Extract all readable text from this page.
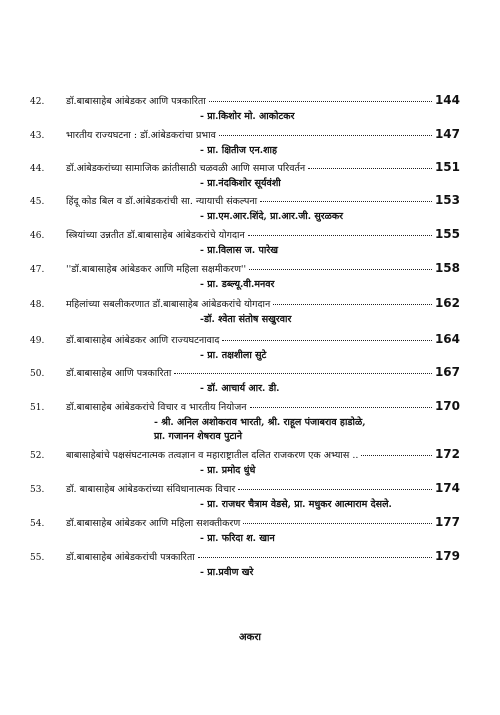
42.	डॉ.बाबासाहेब आंबेडकर आणि पत्रकारिता	144
- प्रा.किशोर मो. आकोटकर
43.	भारतीय राज्यघटना : डॉ.आंबेडकरांचा प्रभाव	147
- प्रा. क्षितीज एन.शाह
44.	डॉ.आंबेडकरांच्या सामाजिक क्रांतीसाठी चळवळी आणि समाज परिवर्तन	151
- प्रा.नंदकिशोर सूर्यवंशी
45.	हिंदू कोड बिल व डॉ.आंबेडकरांची सा. न्यायाची संकल्पना	153
- प्रा.एम.आर.शिंदे, प्रा.आर.जी. सुरळकर
46.	स्त्रियांच्या उन्नतीत डॉ.बाबासाहेब आंबेडकरांचे योगदान	155
- प्रा.विलास ज. पारेख
47.	''डॉ.बाबासाहेब आंबेडकर आणि महिला सक्षमीकरण''	158
- प्रा. डब्ल्यू.वी.मनवर
48.	महिलांच्या सबलीकरणात डॉ.बाबासाहेब आंबेडकरांचे योगदान	162
-डॉ. श्वेता संतोष सखुरवार
49.	डॉ.बाबासाहेब आंबेडकर आणि राज्यघटनावाद	164
- प्रा. तक्षशीला सुटे
50.	डॉ.बाबासाहेब आणि पत्रकारिता	167
- डॉ. आचार्य आर. डी.
51.	डॉ.बाबासाहेब आंबेडकरांचे विचार व भारतीय नियोजन	170
- श्री. अनिल अशोकराव भारती, श्री. राहूल पंजाबराव हाडोळे,
प्रा. गजानन शेषराव पुटाने
52.	बाबासाहेबांचे पक्षसंघटनात्मक तत्वज्ञान व महाराष्ट्रातील दलित राजकरण एक अभ्यास ..	172
- प्रा. प्रमोद धुंधे
53.	डॉ. बाबासाहेब आंबेडकरांच्या संविधानात्मक विचार	174
- प्रा. राजधर चैत्राम वेडसे, प्रा. मधुकर आत्माराम देसले.
54.	डॉ.बाबासाहेब आंबेडकर आणि महिला सशक्तीकरण	177
- प्रा. फरिदा श. खान
55.	डॉ.बाबासाहेब आंबेडकरांची पत्रकारिता	179
- प्रा.प्रवीण खरे
अकरा
